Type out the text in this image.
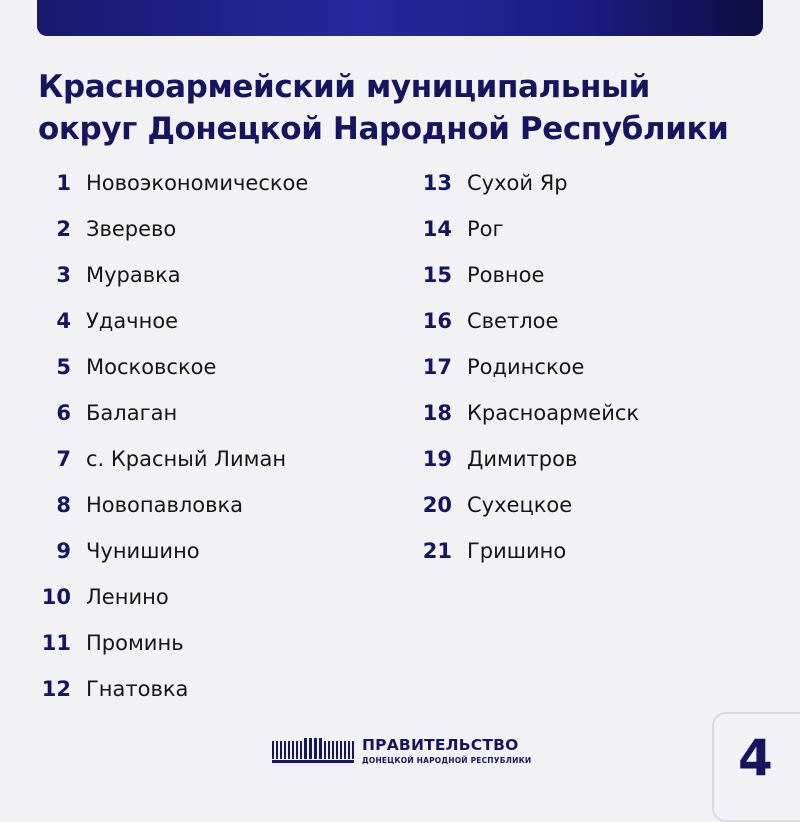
Красноармейский муниципальный
округ Донецкой Народной Республики
1 Новоэкономическое
2 Зверево
3 Муравка
4 Удачное
5 Московское
6 Балаган
7 с. Красный Лиман
8 Новопавловка
9 Чунишино
10 Ленино
11 Проминь
12 Гнатовка
13 Сухой Яр
14 Рог
15 Ровное
16 Светлое
17 Родинское
18 Красноармейск
19 Димитров
20 Сухецкое
21 Гришино
ПРАВИТЕЛЬСТВО
ДОНЕЦКОЙ НАРОДНОЙ РЕСПУБЛИКИ	4
